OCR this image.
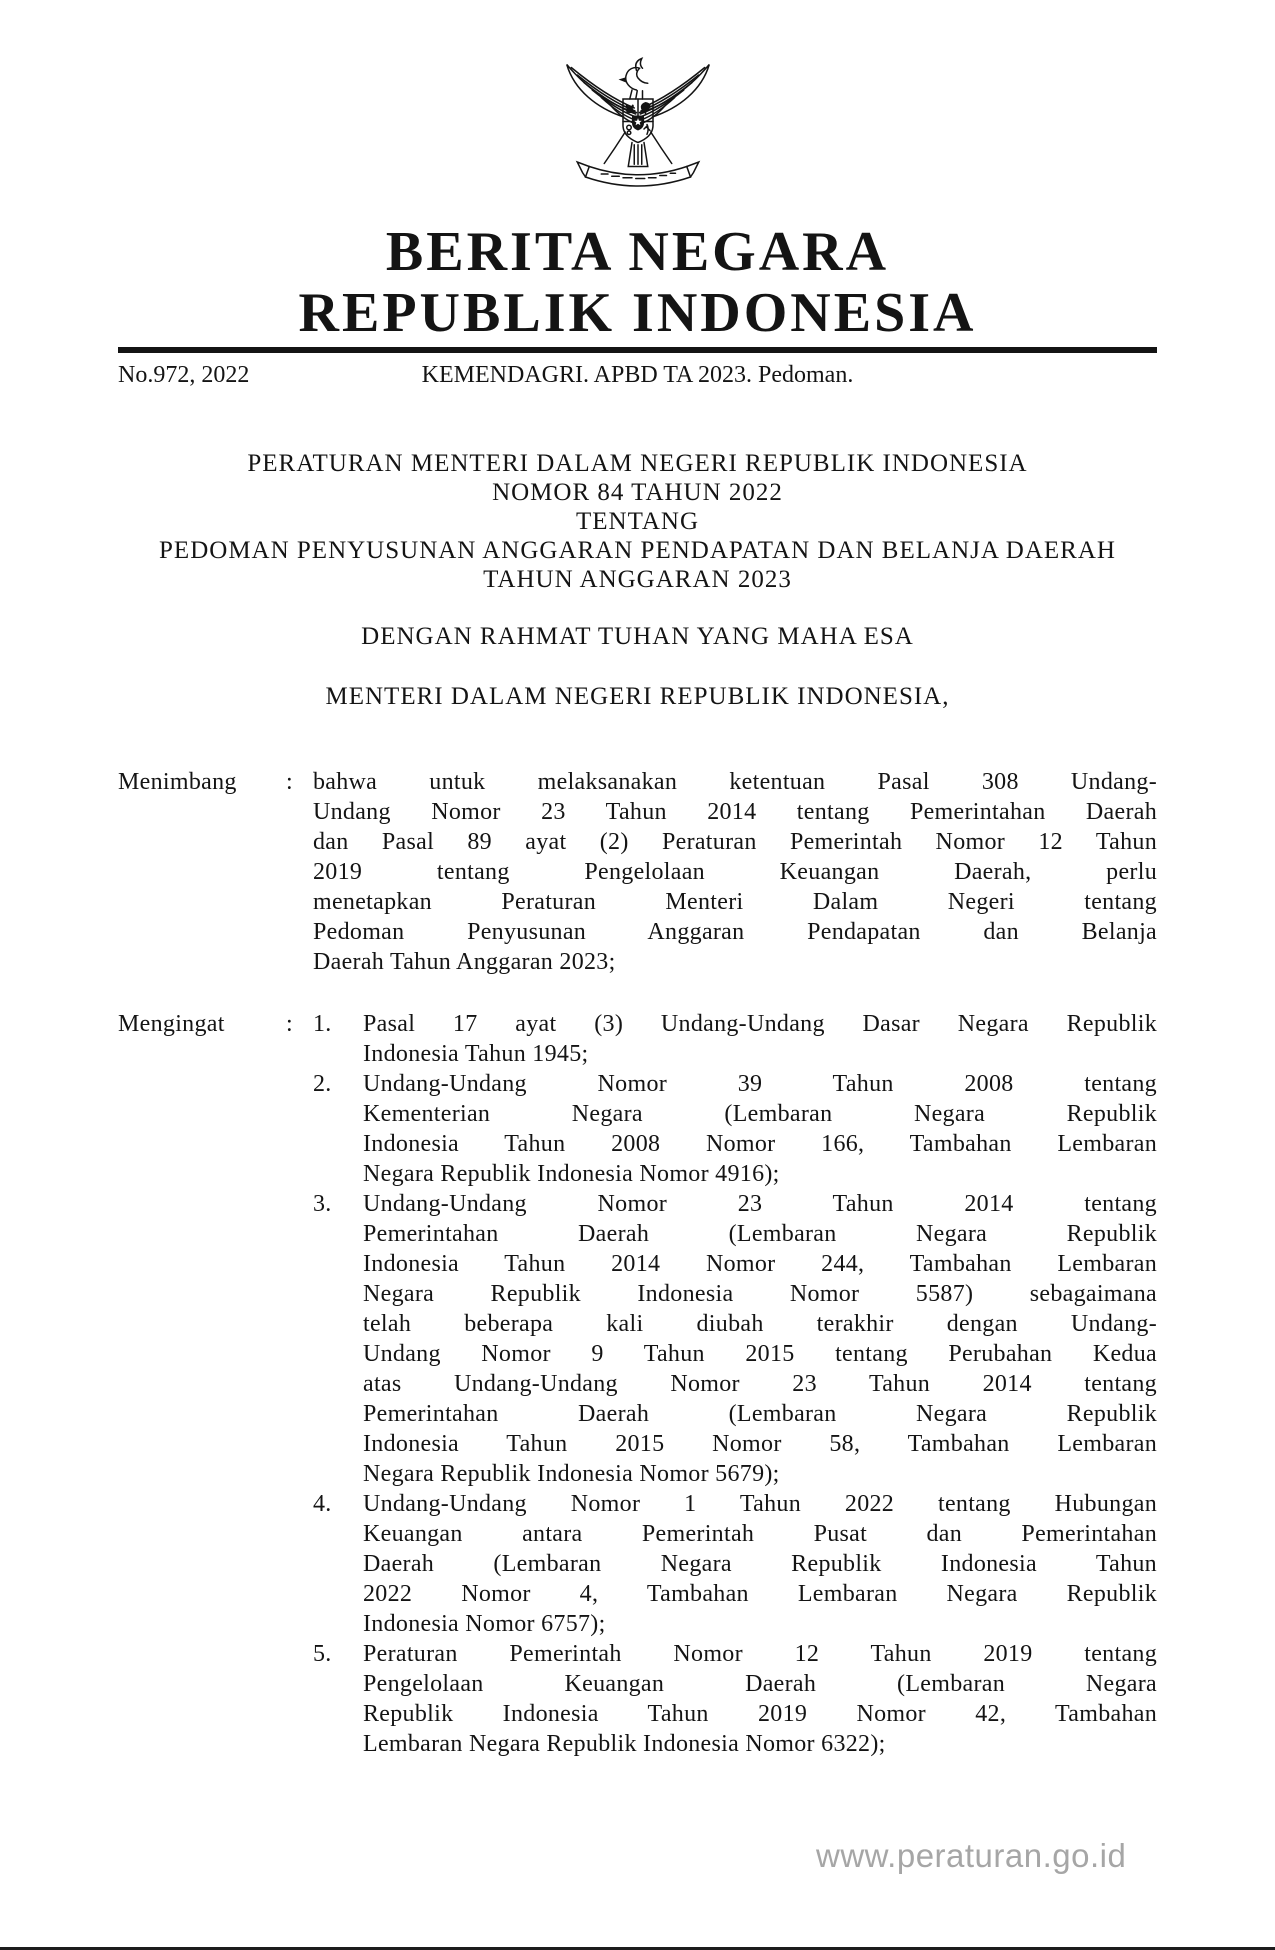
BERITA NEGARA
REPUBLIK INDONESIA
No.972, 2022	KEMENDAGRI. APBD TA 2023. Pedoman.
PERATURAN MENTERI DALAM NEGERI REPUBLIK INDONESIA
NOMOR 84 TAHUN 2022
TENTANG
PEDOMAN PENYUSUNAN ANGGARAN PENDAPATAN DAN BELANJA DAERAH
TAHUN ANGGARAN 2023
DENGAN RAHMAT TUHAN YANG MAHA ESA
MENTERI DALAM NEGERI REPUBLIK INDONESIA,
Menimbang	: bahwa untuk melaksanakan ketentuan Pasal 308 Undang-
Undang Nomor 23 Tahun 2014 tentang Pemerintahan Daerah
dan Pasal 89 ayat (2) Peraturan Pemerintah Nomor 12 Tahun
2019 tentang Pengelolaan Keuangan Daerah, perlu
menetapkan Peraturan Menteri Dalam Negeri tentang
Pedoman Penyusunan Anggaran Pendapatan dan Belanja
Daerah Tahun Anggaran 2023;
Mengingat	: 1.	Pasal 17 ayat (3) Undang-Undang Dasar Negara Republik
Indonesia Tahun 1945;
2.	Undang-Undang Nomor 39 Tahun 2008 tentang
Kementerian Negara (Lembaran Negara Republik
Indonesia Tahun 2008 Nomor 166, Tambahan Lembaran
Negara Republik Indonesia Nomor 4916);
3.	Undang-Undang Nomor 23 Tahun 2014 tentang
Pemerintahan Daerah (Lembaran Negara Republik
Indonesia Tahun 2014 Nomor 244, Tambahan Lembaran
Negara Republik Indonesia Nomor 5587) sebagaimana
telah beberapa kali diubah terakhir dengan Undang-
Undang Nomor 9 Tahun 2015 tentang Perubahan Kedua
atas Undang-Undang Nomor 23 Tahun 2014 tentang
Pemerintahan Daerah (Lembaran Negara Republik
Indonesia Tahun 2015 Nomor 58, Tambahan Lembaran
Negara Republik Indonesia Nomor 5679);
4.	Undang-Undang Nomor 1 Tahun 2022 tentang Hubungan
Keuangan antara Pemerintah Pusat dan Pemerintahan
Daerah (Lembaran Negara Republik Indonesia Tahun
2022 Nomor 4, Tambahan Lembaran Negara Republik
Indonesia Nomor 6757);
5.	Peraturan Pemerintah Nomor 12 Tahun 2019 tentang
Pengelolaan Keuangan Daerah (Lembaran Negara
Republik Indonesia Tahun 2019 Nomor 42, Tambahan
Lembaran Negara Republik Indonesia Nomor 6322);
www.peraturan.go.id
